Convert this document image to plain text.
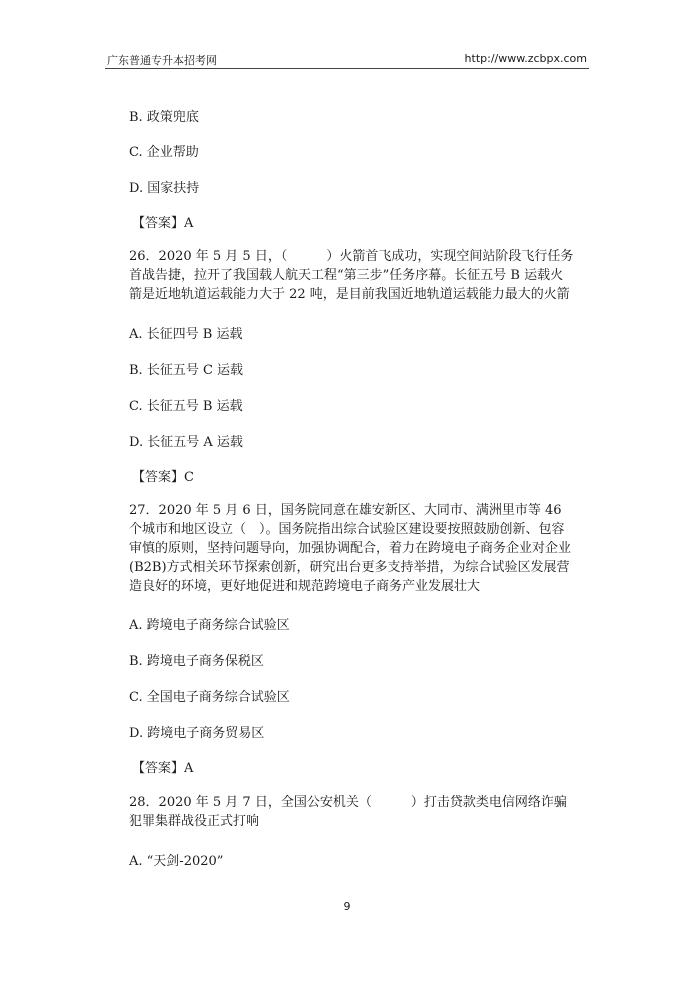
广东普通专升本招考网	http://www.zcbpx.com
B. 政策兜底
C. 企业帮助
D. 国家扶持
【答案】A
26．2020 年 5 月 5 日，（　　　）火箭首飞成功，实现空间站阶段飞行任务首战告捷，拉开了我国载人航天工程“第三步”任务序幕。长征五号 B 运载火箭是近地轨道运载能力大于 22 吨，是目前我国近地轨道运载能力最大的火箭
A. 长征四号 B 运载
B. 长征五号 C 运载
C. 长征五号 B 运载
D. 长征五号 A 运载
【答案】C
27．2020 年 5 月 6 日，国务院同意在雄安新区、大同市、满洲里市等 46 个城市和地区设立（　）。国务院指出综合试验区建设要按照鼓励创新、包容审慎的原则，坚持问题导向，加强协调配合，着力在跨境电子商务企业对企业(B2B)方式相关环节探索创新，研究出台更多支持举措，为综合试验区发展营造良好的环境，更好地促进和规范跨境电子商务产业发展壮大
A. 跨境电子商务综合试验区
B. 跨境电子商务保税区
C. 全国电子商务综合试验区
D. 跨境电子商务贸易区
【答案】A
28．2020 年 5 月 7 日，全国公安机关（　　　）打击贷款类电信网络诈骗犯罪集群战役正式打响
A. “天剑-2020”
9
